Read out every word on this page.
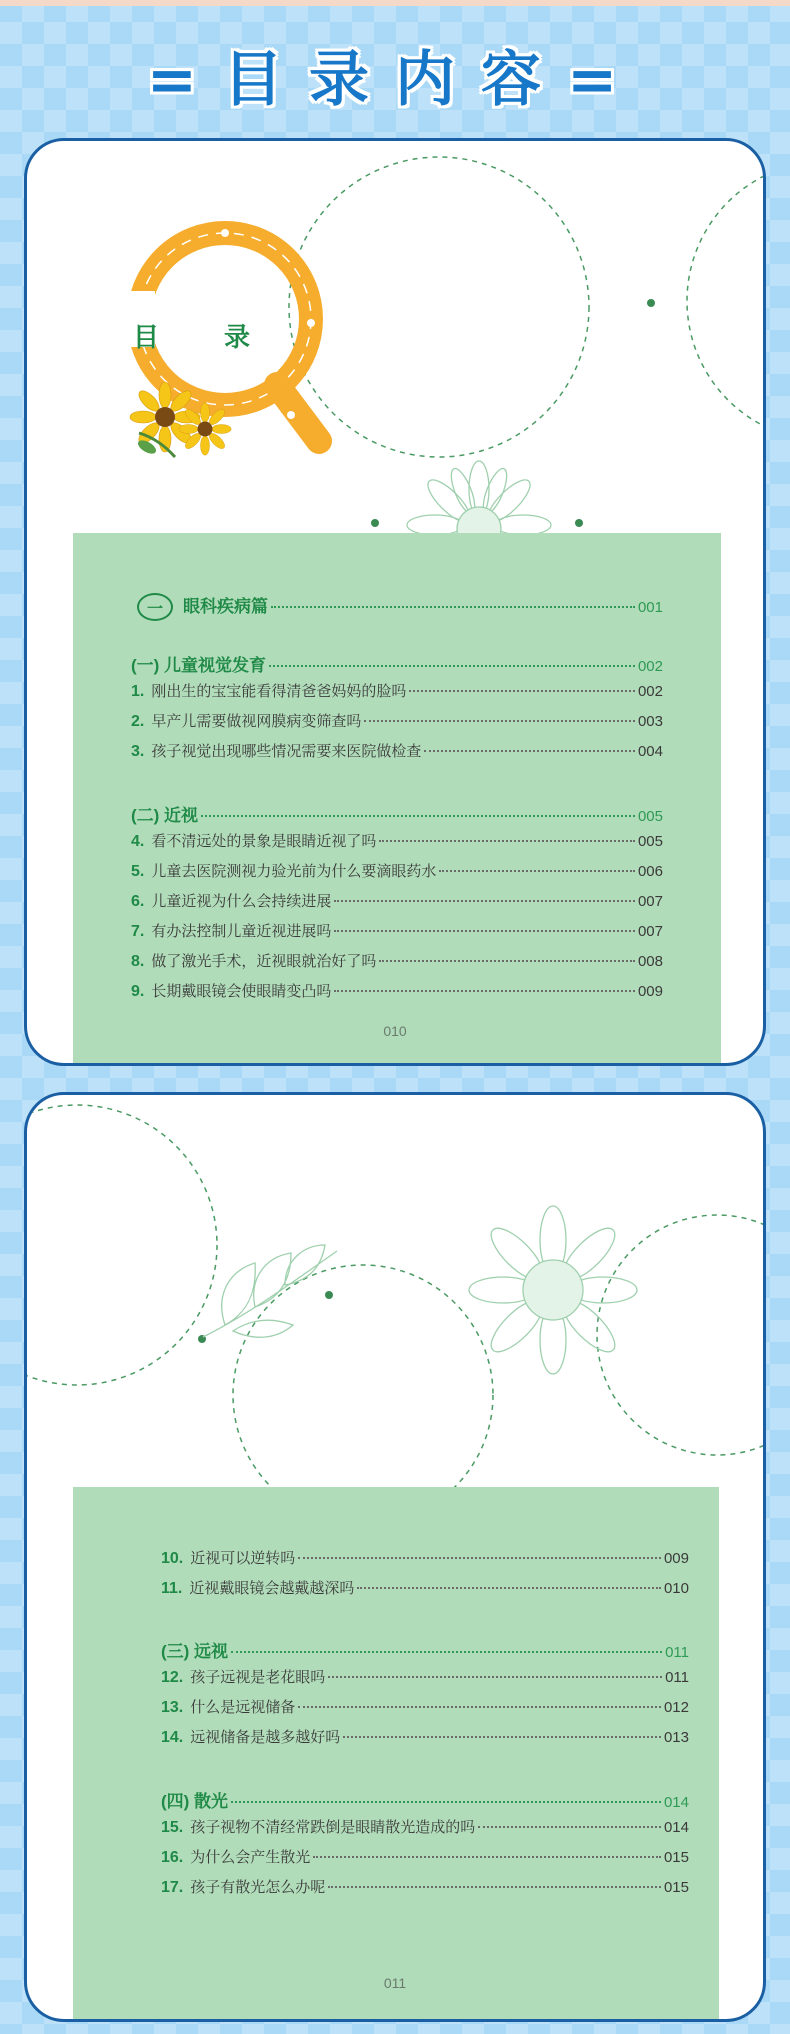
=目录内容=
目 录
一	眼科疾病篇	001
(一) 儿童视觉发育	002
1. 刚出生的宝宝能看得清爸爸妈妈的脸吗	002
2. 早产儿需要做视网膜病变筛查吗	003
3. 孩子视觉出现哪些情况需要来医院做检查	004
(二) 近视	005
4. 看不清远处的景象是眼睛近视了吗	005
5. 儿童去医院测视力验光前为什么要滴眼药水	006
6. 儿童近视为什么会持续进展	007
7. 有办法控制儿童近视进展吗	007
8. 做了激光手术，近视眼就治好了吗	008
9. 长期戴眼镜会使眼睛变凸吗	009
010
10. 近视可以逆转吗	009
11. 近视戴眼镜会越戴越深吗	010
(三) 远视	011
12. 孩子远视是老花眼吗	011
13. 什么是远视储备	012
14. 远视储备是越多越好吗	013
(四) 散光	014
15. 孩子视物不清经常跌倒是眼睛散光造成的吗	014
16. 为什么会产生散光	015
17. 孩子有散光怎么办呢	015
011
